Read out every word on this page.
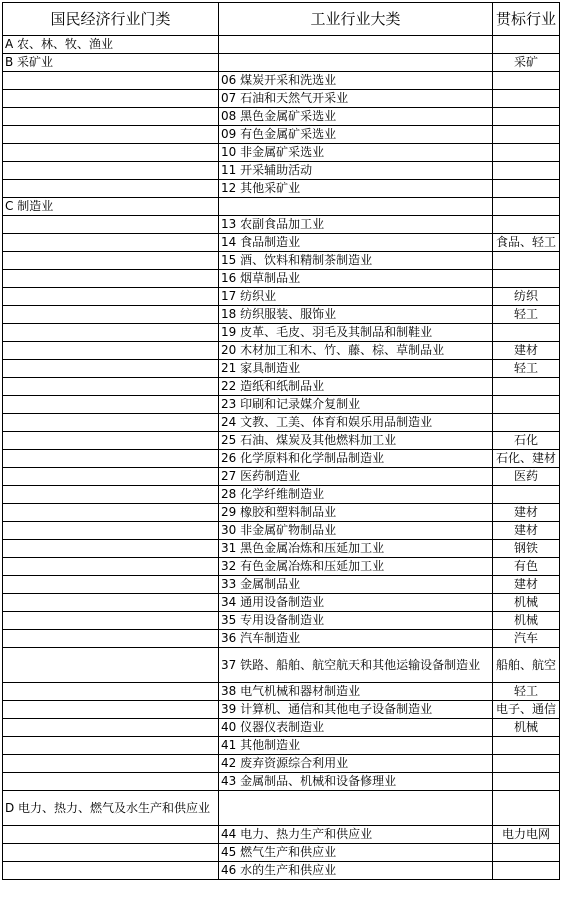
国民经济行业门类	工业行业大类	贯标行业
A 农、林、牧、渔业		
B 采矿业		采矿
	06 煤炭开采和洗选业	
	07 石油和天然气开采业	
	08 黑色金属矿采选业	
	09 有色金属矿采选业	
	10 非金属矿采选业	
	11 开采辅助活动	
	12 其他采矿业	
C 制造业		
	13 农副食品加工业	
	14 食品制造业	食品、轻工
	15 酒、饮料和精制茶制造业	
	16 烟草制品业	
	17 纺织业	纺织
	18 纺织服装、服饰业	轻工
	19 皮革、毛皮、羽毛及其制品和制鞋业	
	20 木材加工和木、竹、藤、棕、草制品业	建材
	21 家具制造业	轻工
	22 造纸和纸制品业	
	23 印刷和记录媒介复制业	
	24 文教、工美、体育和娱乐用品制造业	
	25 石油、煤炭及其他燃料加工业	石化
	26 化学原料和化学制品制造业	石化、建材
	27 医药制造业	医药
	28 化学纤维制造业	
	29 橡胶和塑料制品业	建材
	30 非金属矿物制品业	建材
	31 黑色金属冶炼和压延加工业	钢铁
	32 有色金属冶炼和压延加工业	有色
	33 金属制品业	建材
	34 通用设备制造业	机械
	35 专用设备制造业	机械
	36 汽车制造业	汽车
	37 铁路、船舶、航空航天和其他运输设备制造业	船舶、航空
	38 电气机械和器材制造业	轻工
	39 计算机、通信和其他电子设备制造业	电子、通信
	40 仪器仪表制造业	机械
	41 其他制造业	
	42 废弃资源综合利用业	
	43 金属制品、机械和设备修理业	
D 电力、热力、燃气及水生产和供应业		
	44 电力、热力生产和供应业	电力电网
	45 燃气生产和供应业	
	46 水的生产和供应业	
